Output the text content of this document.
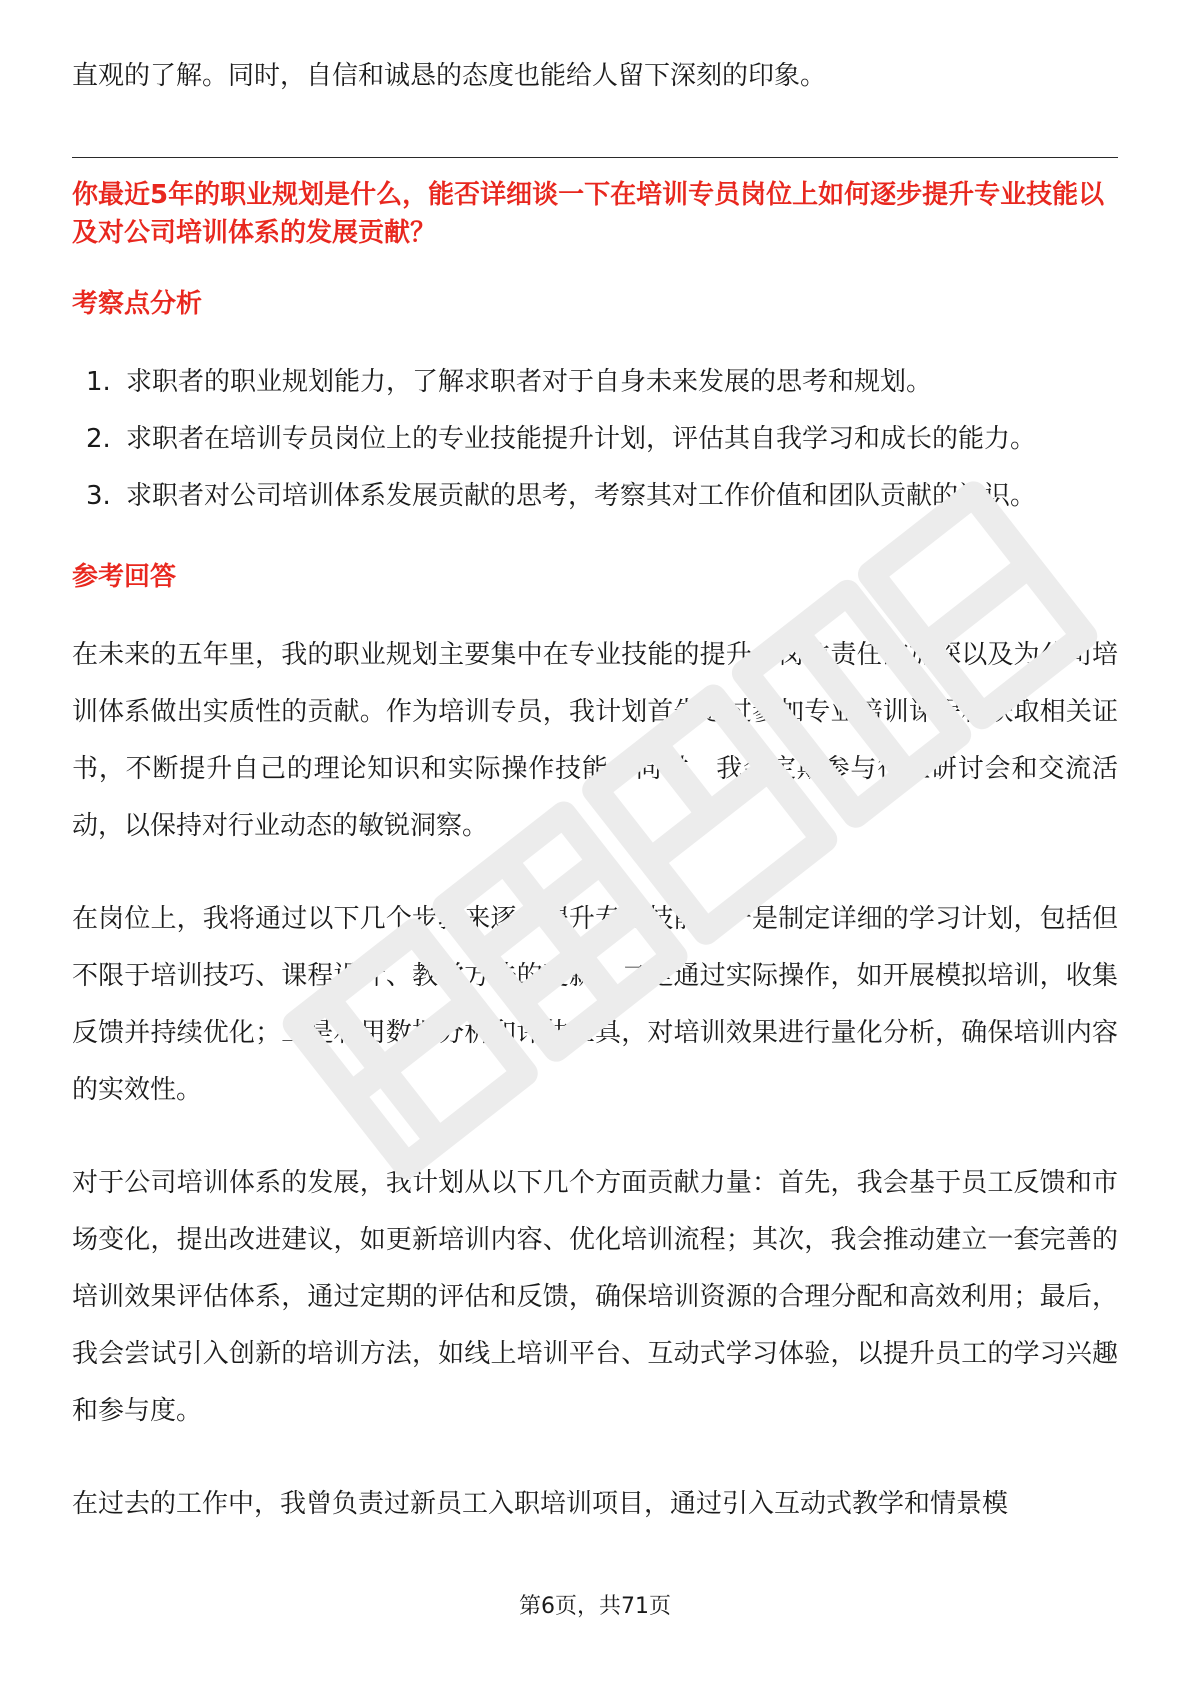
直观的了解。同时，自信和诚恳的态度也能给人留下深刻的印象。

你最近5年的职业规划是什么，能否详细谈一下在培训专员岗位上如何逐步提升专业技能以及对公司培训体系的发展贡献？

考察点分析

1. 求职者的职业规划能力，了解求职者对于自身未来发展的思考和规划。
2. 求职者在培训专员岗位上的专业技能提升计划，评估其自我学习和成长的能力。
3. 求职者对公司培训体系发展贡献的思考，考察其对工作价值和团队贡献的认识。

参考回答

在未来的五年里，我的职业规划主要集中在专业技能的提升、岗位责任的加深以及为公司培训体系做出实质性的贡献。作为培训专员，我计划首先通过参加专业培训课程和获取相关证书，不断提升自己的理论知识和实际操作技能。同时，我会定期参与行业研讨会和交流活动，以保持对行业动态的敏锐洞察。

在岗位上，我将通过以下几个步骤来逐步提升专业技能：一是制定详细的学习计划，包括但不限于培训技巧、课程设计、教学方法的更新；二是通过实际操作，如开展模拟培训，收集反馈并持续优化；三是利用数据分析和评估工具，对培训效果进行量化分析，确保培训内容的实效性。

对于公司培训体系的发展，我计划从以下几个方面贡献力量：首先，我会基于员工反馈和市场变化，提出改进建议，如更新培训内容、优化培训流程；其次，我会推动建立一套完善的培训效果评估体系，通过定期的评估和反馈，确保培训资源的合理分配和高效利用；最后，我会尝试引入创新的培训方法，如线上培训平台、互动式学习体验，以提升员工的学习兴趣和参与度。

在过去的工作中，我曾负责过新员工入职培训项目，通过引入互动式教学和情景模

第6页，共71页
